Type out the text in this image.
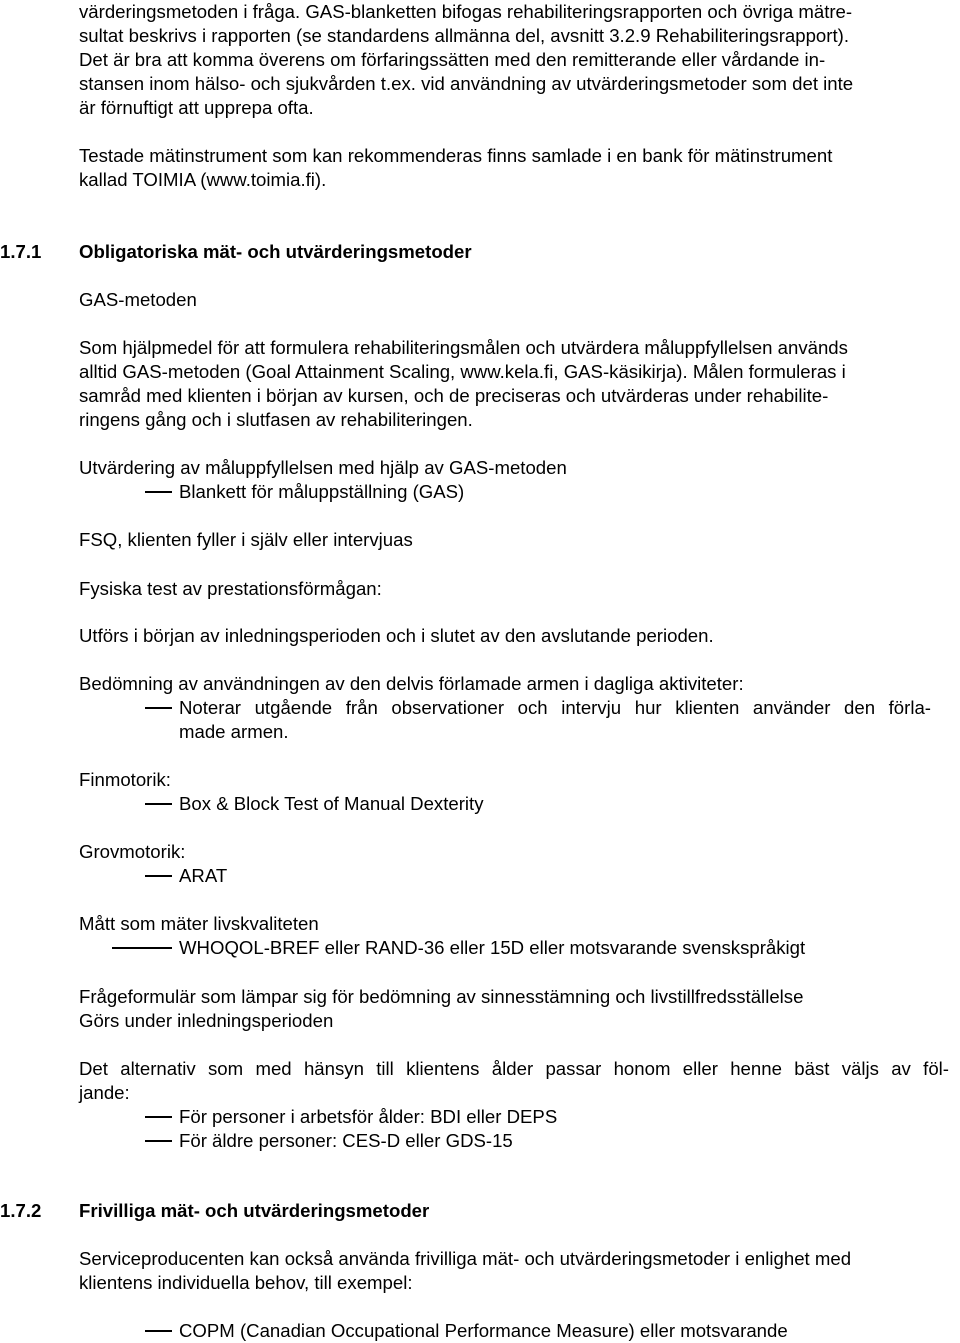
värderingsmetoden i fråga. GAS-blanketten bifogas rehabiliteringsrapporten och övriga mätre-
sultat beskrivs i rapporten (se standardens allmänna del, avsnitt 3.2.9 Rehabiliteringsrapport).
Det är bra att komma överens om förfaringssätten med den remitterande eller vårdande in-
stansen inom hälso- och sjukvården t.ex. vid användning av utvärderingsmetoder som det inte
är förnuftigt att upprepa ofta.
Testade mätinstrument som kan rekommenderas finns samlade i en bank för mätinstrument
kallad TOIMIA (www.toimia.fi).
1.7.1 Obligatoriska mät- och utvärderingsmetoder
GAS-metoden
Som hjälpmedel för att formulera rehabiliteringsmålen och utvärdera måluppfyllelsen används
alltid GAS-metoden (Goal Attainment Scaling, www.kela.fi, GAS-käsikirja). Målen formuleras i
samråd med klienten i början av kursen, och de preciseras och utvärderas under rehabilite-
ringens gång och i slutfasen av rehabiliteringen.
Utvärdering av måluppfyllelsen med hjälp av GAS-metoden
Blankett för måluppställning (GAS)
FSQ, klienten fyller i själv eller intervjuas
Fysiska test av prestationsförmågan:
Utförs i början av inledningsperioden och i slutet av den avslutande perioden.
Bedömning av användningen av den delvis förlamade armen i dagliga aktiviteter:
Noterar utgående från observationer och intervju hur klienten använder den förla-
made armen.
Finmotorik:
Box & Block Test of Manual Dexterity
Grovmotorik:
ARAT
Mått som mäter livskvaliteten
WHOQOL-BREF eller RAND-36 eller 15D eller motsvarande svenskspråkigt
Frågeformulär som lämpar sig för bedömning av sinnesstämning och livstillfredsställelse
Görs under inledningsperioden
Det alternativ som med hänsyn till klientens ålder passar honom eller henne bäst väljs av föl-
jande:
För personer i arbetsför ålder: BDI eller DEPS
För äldre personer: CES-D eller GDS-15
1.7.2 Frivilliga mät- och utvärderingsmetoder
Serviceproducenten kan också använda frivilliga mät- och utvärderingsmetoder i enlighet med
klientens individuella behov, till exempel:
COPM (Canadian Occupational Performance Measure) eller motsvarande
